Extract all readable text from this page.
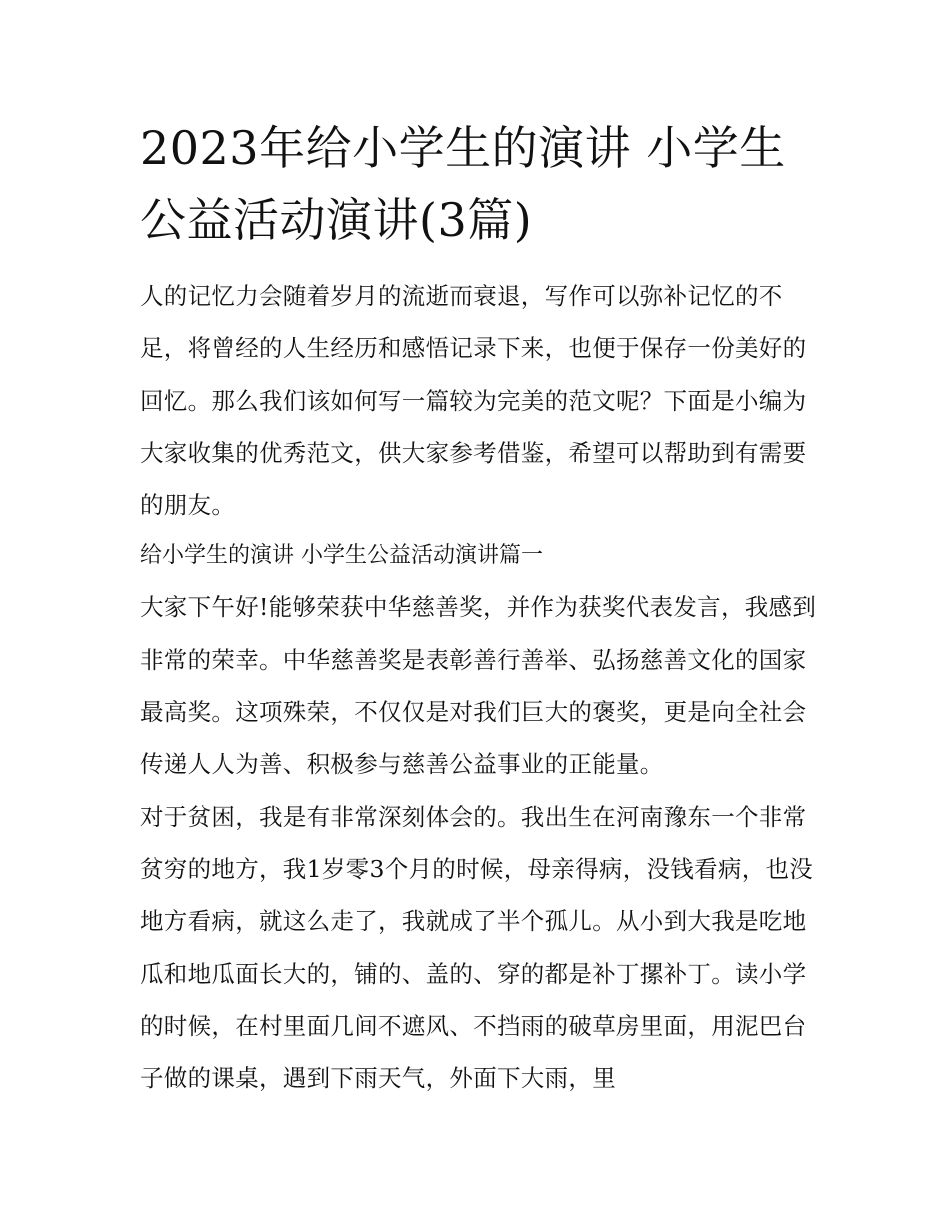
2023年给小学生的演讲 小学生公益活动演讲(3篇)

人的记忆力会随着岁月的流逝而衰退，写作可以弥补记忆的不足，将曾经的人生经历和感悟记录下来，也便于保存一份美好的回忆。那么我们该如何写一篇较为完美的范文呢？下面是小编为大家收集的优秀范文，供大家参考借鉴，希望可以帮助到有需要的朋友。

给小学生的演讲 小学生公益活动演讲篇一

大家下午好!能够荣获中华慈善奖，并作为获奖代表发言，我感到非常的荣幸。中华慈善奖是表彰善行善举、弘扬慈善文化的国家最高奖。这项殊荣，不仅仅是对我们巨大的褒奖，更是向全社会传递人人为善、积极参与慈善公益事业的正能量。

对于贫困，我是有非常深刻体会的。我出生在河南豫东一个非常贫穷的地方，我1岁零3个月的时候，母亲得病，没钱看病，也没地方看病，就这么走了，我就成了半个孤儿。从小到大我是吃地瓜和地瓜面长大的，铺的、盖的、穿的都是补丁摞补丁。读小学的时候，在村里面几间不遮风、不挡雨的破草房里面，用泥巴台子做的课桌，遇到下雨天气，外面下大雨，里
